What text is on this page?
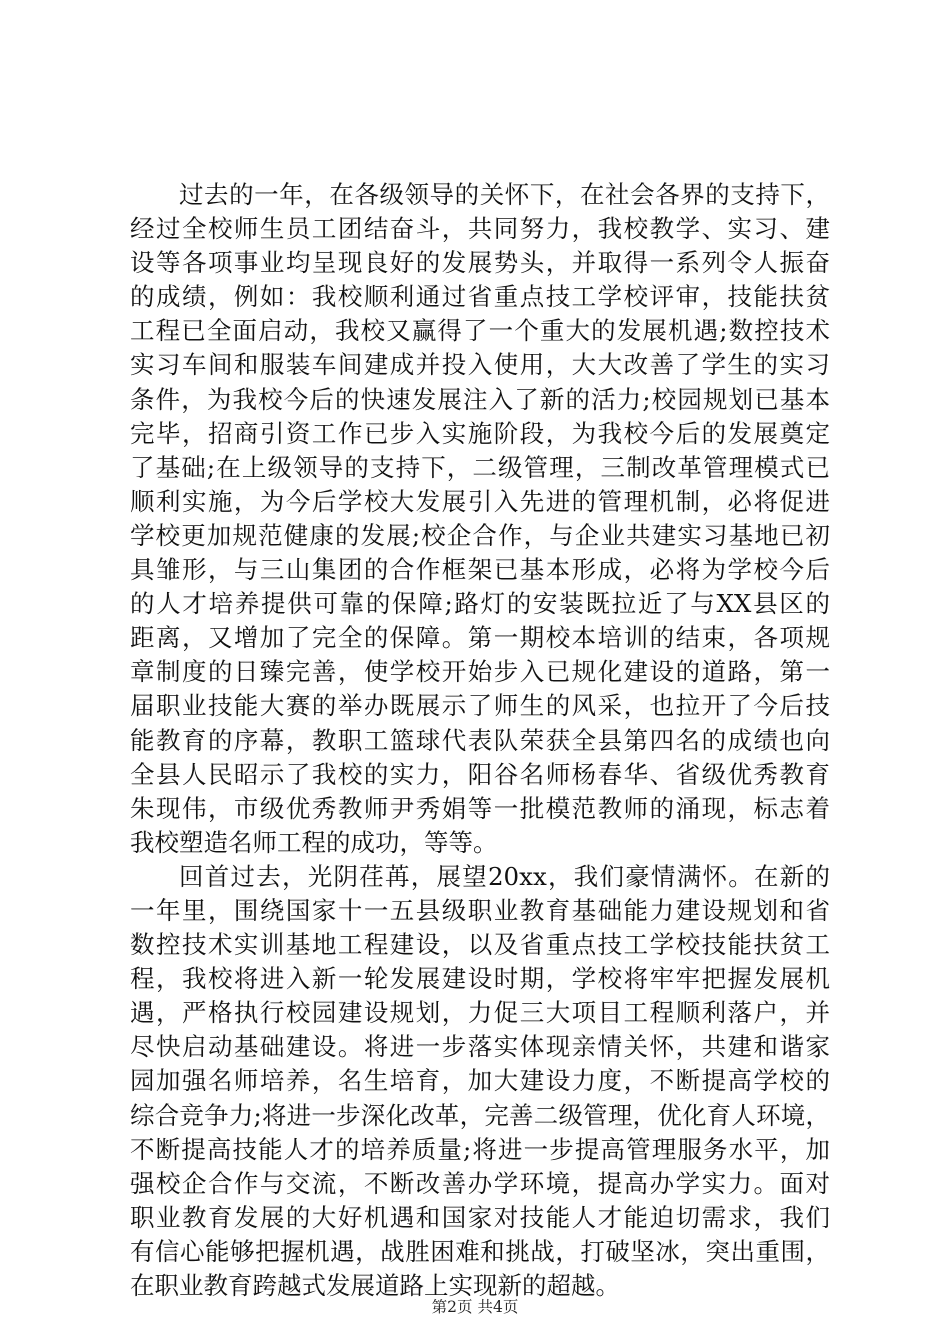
过去的一年，在各级领导的关怀下，在社会各界的支持下，
经过全校师生员工团结奋斗，共同努力，我校教学、实习、建
设等各项事业均呈现良好的发展势头，并取得一系列令人振奋
的成绩，例如：我校顺利通过省重点技工学校评审，技能扶贫
工程已全面启动，我校又赢得了一个重大的发展机遇;数控技术
实习车间和服装车间建成并投入使用，大大改善了学生的实习
条件，为我校今后的快速发展注入了新的活力;校园规划已基本
完毕，招商引资工作已步入实施阶段，为我校今后的发展奠定
了基础;在上级领导的支持下，二级管理，三制改革管理模式已
顺利实施，为今后学校大发展引入先进的管理机制，必将促进
学校更加规范健康的发展;校企合作，与企业共建实习基地已初
具雏形，与三山集团的合作框架已基本形成，必将为学校今后
的人才培养提供可靠的保障;路灯的安装既拉近了与XX县区的
距离，又增加了完全的保障。第一期校本培训的结束，各项规
章制度的日臻完善，使学校开始步入已规化建设的道路，第一
届职业技能大赛的举办既展示了师生的风采，也拉开了今后技
能教育的序幕，教职工篮球代表队荣获全县第四名的成绩也向
全县人民昭示了我校的实力，阳谷名师杨春华、省级优秀教育
朱现伟，市级优秀教师尹秀娟等一批模范教师的涌现，标志着
我校塑造名师工程的成功，等等。
回首过去，光阴荏苒，展望20xx，我们豪情满怀。在新的
一年里，围绕国家十一五县级职业教育基础能力建设规划和省
数控技术实训基地工程建设，以及省重点技工学校技能扶贫工
程，我校将进入新一轮发展建设时期，学校将牢牢把握发展机
遇，严格执行校园建设规划，力促三大项目工程顺利落户，并
尽快启动基础建设。将进一步落实体现亲情关怀，共建和谐家
园加强名师培养，名生培育，加大建设力度，不断提高学校的
综合竞争力;将进一步深化改革，完善二级管理，优化育人环境，
不断提高技能人才的培养质量;将进一步提高管理服务水平，加
强校企合作与交流，不断改善办学环境，提高办学实力。面对
职业教育发展的大好机遇和国家对技能人才能迫切需求，我们
有信心能够把握机遇，战胜困难和挑战，打破坚冰，突出重围，
在职业教育跨越式发展道路上实现新的超越。
第2页 共4页
